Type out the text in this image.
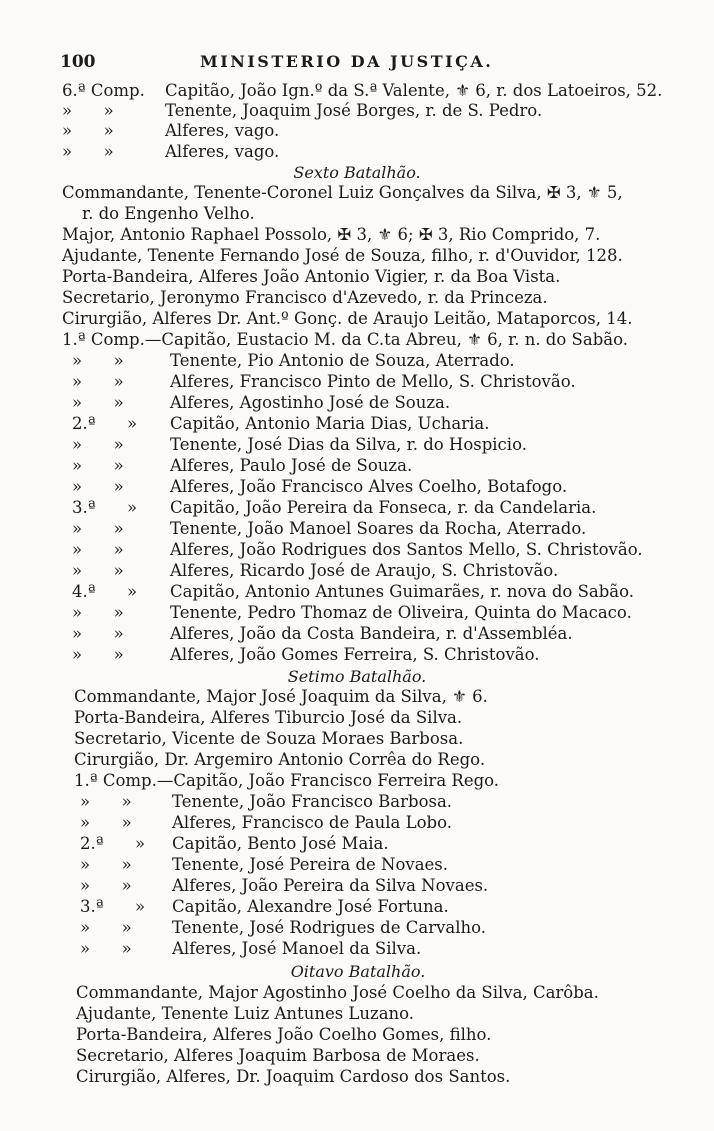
100	MINISTERIO DA JUSTIÇA.
6.ª Comp. Capitão, João Ign.º da S.ª Valente, ⚜ 6, r. dos Latoeiros, 52.
»      »	Tenente, Joaquim José Borges, r. de S. Pedro.
»      »	Alferes, vago.
»      »	Alferes, vago.
Sexto Batalhão.
Commandante, Tenente-Coronel Luiz Gonçalves da Silva, ✠ 3, ⚜ 5,
r. do Engenho Velho.
Major, Antonio Raphael Possolo, ✠ 3, ⚜ 6; ✠ 3, Rio Comprido, 7.
Ajudante, Tenente Fernando José de Souza, filho, r. d'Ouvidor, 128.
Porta-Bandeira, Alferes João Antonio Vigier, r. da Boa Vista.
Secretario, Jeronymo Francisco d'Azevedo, r. da Princeza.
Cirurgião, Alferes Dr. Ant.º Gonç. de Araujo Leitão, Mataporcos, 14.
1.ª Comp.—Capitão, Eustacio M. da C.ta Abreu, ⚜ 6, r. n. do Sabão.
»      »	Tenente, Pio Antonio de Souza, Aterrado.
»      »	Alferes, Francisco Pinto de Mello, S. Christovão.
»      »	Alferes, Agostinho José de Souza.
2.ª      » Capitão, Antonio Maria Dias, Ucharia.
»      »	Tenente, José Dias da Silva, r. do Hospicio.
»      »	Alferes, Paulo José de Souza.
»      »	Alferes, João Francisco Alves Coelho, Botafogo.
3.ª      » Capitão, João Pereira da Fonseca, r. da Candelaria.
»      »	Tenente, João Manoel Soares da Rocha, Aterrado.
»      »	Alferes, João Rodrigues dos Santos Mello, S. Christovão.
»      »	Alferes, Ricardo José de Araujo, S. Christovão.
4.ª      » Capitão, Antonio Antunes Guimarães, r. nova do Sabão.
»      »	Tenente, Pedro Thomaz de Oliveira, Quinta do Macaco.
»      »	Alferes, João da Costa Bandeira, r. d'Assembléa.
»      »	Alferes, João Gomes Ferreira, S. Christovão.
Setimo Batalhão.
Commandante, Major José Joaquim da Silva, ⚜ 6.
Porta-Bandeira, Alferes Tiburcio José da Silva.
Secretario, Vicente de Souza Moraes Barbosa.
Cirurgião, Dr. Argemiro Antonio Corrêa do Rego.
1.ª Comp.—Capitão, João Francisco Ferreira Rego.
»      » Tenente, João Francisco Barbosa.
»      » Alferes, Francisco de Paula Lobo.
2.ª      » Capitão, Bento José Maia.
»      » Tenente, José Pereira de Novaes.
»      » Alferes, João Pereira da Silva Novaes.
3.ª      » Capitão, Alexandre José Fortuna.
»      » Tenente, José Rodrigues de Carvalho.
»      » Alferes, José Manoel da Silva.
Oitavo Batalhão.
Commandante, Major Agostinho José Coelho da Silva, Carôba.
Ajudante, Tenente Luiz Antunes Luzano.
Porta-Bandeira, Alferes João Coelho Gomes, filho.
Secretario, Alferes Joaquim Barbosa de Moraes.
Cirurgião, Alferes, Dr. Joaquim Cardoso dos Santos.
